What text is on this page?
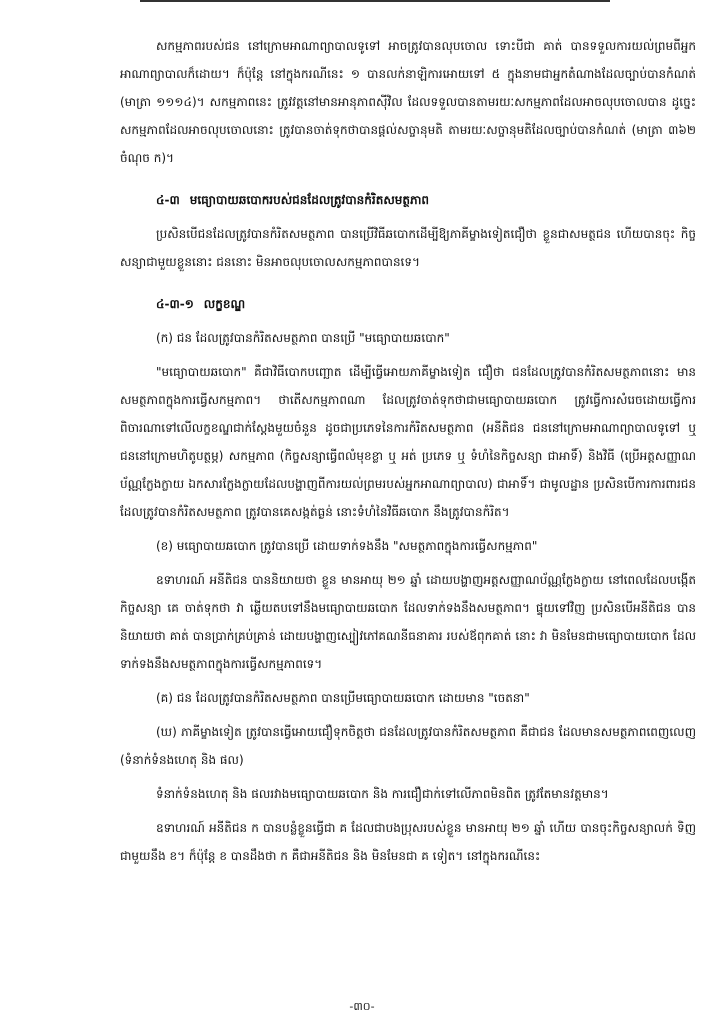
សកម្មភាពរបស់ជន នៅក្រោមអាណាព្យាបាលទូទៅ អាចត្រូវបានលុបចោល ទោះបីជា គាត់ បានទទួលការយល់ព្រមពីអ្នកអាណាព្យាបាលក៏ដោយ។ ក៏ប៉ុន្តែ នៅក្នុងករណីនេះ ១ បានលក់នាឡិការអោយទៅ ៥ ក្នុងនាមជាអ្នកតំណាងដែលច្បាប់បានកំណត់ (មាត្រា ១១១៤)។ សកម្មភាពនេះ ត្រូវវត្តនៅមានអានុភាពស៊ីវិល ដែលទទួលបានតាមរយៈសកម្មភាពដែលអាចលុបចោលបាន ដូច្នេះ សកម្មភាពដែលអាចលុបចោលនោះ ត្រូវបានចាត់ទុកថាបានផ្តល់សច្ចានុមតិ តាមរយៈសច្ចានុមតិដែលច្បាប់បានកំណត់ (មាត្រា ៣៦២ ចំណុច ក)។

៤-៣ មធ្យោបាយឆបោករបស់ជនដែលត្រូវបានកំរិតសមត្ថភាព

ប្រសិនបើជនដែលត្រូវបានកំរិតសមត្ថភាព បានប្រើវិធីឆបោកដើម្បីឱ្យភាគីម្ខាងទៀតជឿថា ខ្លួនជាសមត្ថជន ហើយបានចុះ កិច្ចសន្យាជាមួយខ្លួននោះ ជននោះ មិនអាចលុបចោលសកម្មភាពបានទេ។

៤-៣-១ លក្ខខណ្ឌ

(ក) ជន ដែលត្រូវបានកំរិតសមត្ថភាព បានប្រើ "មធ្យោបាយឆបោក"

"មធ្យោបាយឆបោក" គឺជាវិធីបោកបញ្ឆោត ដើម្បីធ្វើអោយភាគីម្ខាងទៀត ជឿថា ជនដែលត្រូវបានកំរិតសមត្ថភាពនោះ មានសមត្ថភាពក្នុងការធ្វើសកម្មភាព។ ថាតើសកម្មភាពណា ដែលត្រូវចាត់ទុកថាជាមធ្យោបាយឆបោក ត្រូវធ្វើការសំរេចដោយធ្វើការពិចារណាទៅលើលក្ខខណ្ឌជាក់ស្តែងមួយចំនួន ដូចជាប្រភេទនៃការកំរិតសមត្ថភាព (អនីតិជន ជននៅក្រោមអាណាព្យាបាលទូទៅ ឬ ជននៅក្រោមហិតូបត្ថម្ភ) សកម្មភាព (កិច្ចសន្យាធ្វើពលំមុខខ្លា ឬ អត់ ប្រភេទ ឬ ទំហំនៃកិច្ចសន្យា ជាអាទិ៍) និងវិធី (ប្រើអត្តសញ្ញាណប័ណ្ណក្លែងក្លាយ ឯកសារក្លែងក្លាយដែលបង្ហាញពីការយល់ព្រមរបស់អ្នកអាណាព្យាបាល) ជាអាទិ៍។ ជាមូលដ្ឋាន ប្រសិនបើការការពារជន ដែលត្រូវបានកំរិតសមត្ថភាព ត្រូវបានគេសង្កត់ធ្ងន់ នោះទំហំនៃវិធីឆបោក នឹងត្រូវបានកំរិត។

(ខ) មធ្យោបាយឆបោក ត្រូវបានប្រើ ដោយទាក់ទងនឹង "សមត្ថភាពក្នុងការធ្វើសកម្មភាព"

ឧទាហរណ៍ អនីតិជន បាននិយាយថា ខ្លួន មានអាយុ ២១ ឆ្នាំ ដោយបង្ហាញអត្តសញ្ញាណប័ណ្ណក្លែងក្លាយ នៅពេលដែលបង្កើតកិច្ចសន្យា គេ ចាត់ទុកថា វា ឆ្លើយតបទៅនឹងមធ្យោបាយឆបោក ដែលទាក់ទងនឹងសមត្ថភាព។ ផ្ទុយទៅវិញ ប្រសិនបើអនីតិជន បាននិយាយថា គាត់ បានប្រាក់គ្រប់គ្រាន់ ដោយបង្ហាញស្បៀវភៅគណនីធនាគារ របស់ឪពុកគាត់ នោះ វា មិនមែនជាមធ្យោបាយបោក ដែលទាក់ទងនឹងសមត្ថភាពក្នុងការធ្វើសកម្មភាពទេ។

(គ) ជន ដែលត្រូវបានកំរិតសមត្ថភាព បានប្រើមធ្យោបាយឆបោក ដោយមាន "ចេតនា"

(ឃ) ភាគីម្ខាងទៀត ត្រូវបានធ្វើអោយជឿទុកចិត្តថា ជនដែលត្រូវបានកំរិតសមត្ថភាព គឺជាជន ដែលមានសមត្ថភាពពេញលេញ (ទំនាក់ទំនងហេតុ និង ផល)

ទំនាក់ទំនងហេតុ និង ផលរវាងមធ្យោបាយឆបោក និង ការជឿជាក់ទៅលើភាពមិនពិត ត្រូវតែមានវត្តមាន។

ឧទាហរណ៍ អនីតិជន ក បានបន្លំខ្លួនធ្វើជា គ ដែលជាបងប្រុសរបស់ខ្លួន មានអាយុ ២១ ឆ្នាំ ហើយ បានចុះកិច្ចសន្យាលក់ ទិញជាមួយនឹង ខ។ ក៏ប៉ុន្តែ ខ បានដឹងថា ក គឺជាអនីតិជន និង មិនមែនជា គ ទៀត។ នៅក្នុងករណីនេះ

-៣០-
